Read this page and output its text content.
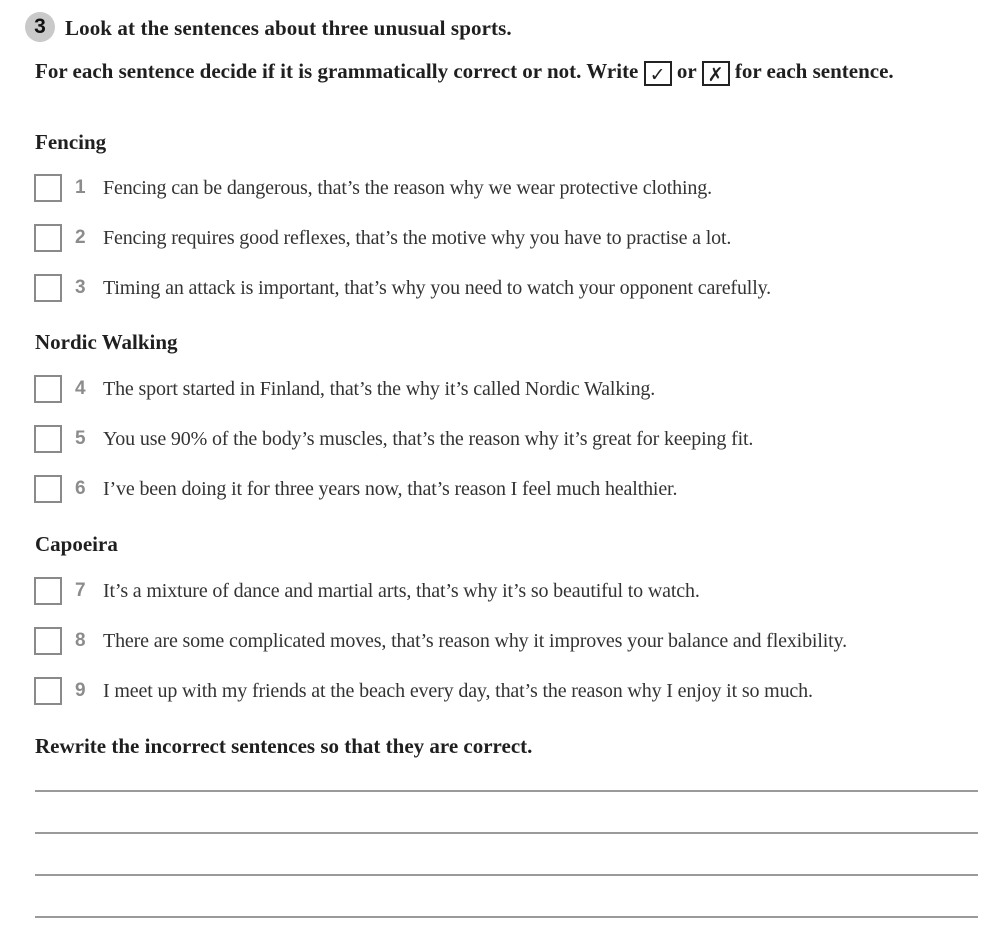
3 Look at the sentences about three unusual sports.
For each sentence decide if it is grammatically correct or not. Write ✓ or ✗ for each sentence.
Fencing
1 Fencing can be dangerous, that’s the reason why we wear protective clothing.
2 Fencing requires good reflexes, that’s the motive why you have to practise a lot.
3 Timing an attack is important, that’s why you need to watch your opponent carefully.
Nordic Walking
4 The sport started in Finland, that’s the why it’s called Nordic Walking.
5 You use 90% of the body’s muscles, that’s the reason why it’s great for keeping fit.
6 I’ve been doing it for three years now, that’s reason I feel much healthier.
Capoeira
7 It’s a mixture of dance and martial arts, that’s why it’s so beautiful to watch.
8 There are some complicated moves, that’s reason why it improves your balance and flexibility.
9 I meet up with my friends at the beach every day, that’s the reason why I enjoy it so much.
Rewrite the incorrect sentences so that they are correct.
